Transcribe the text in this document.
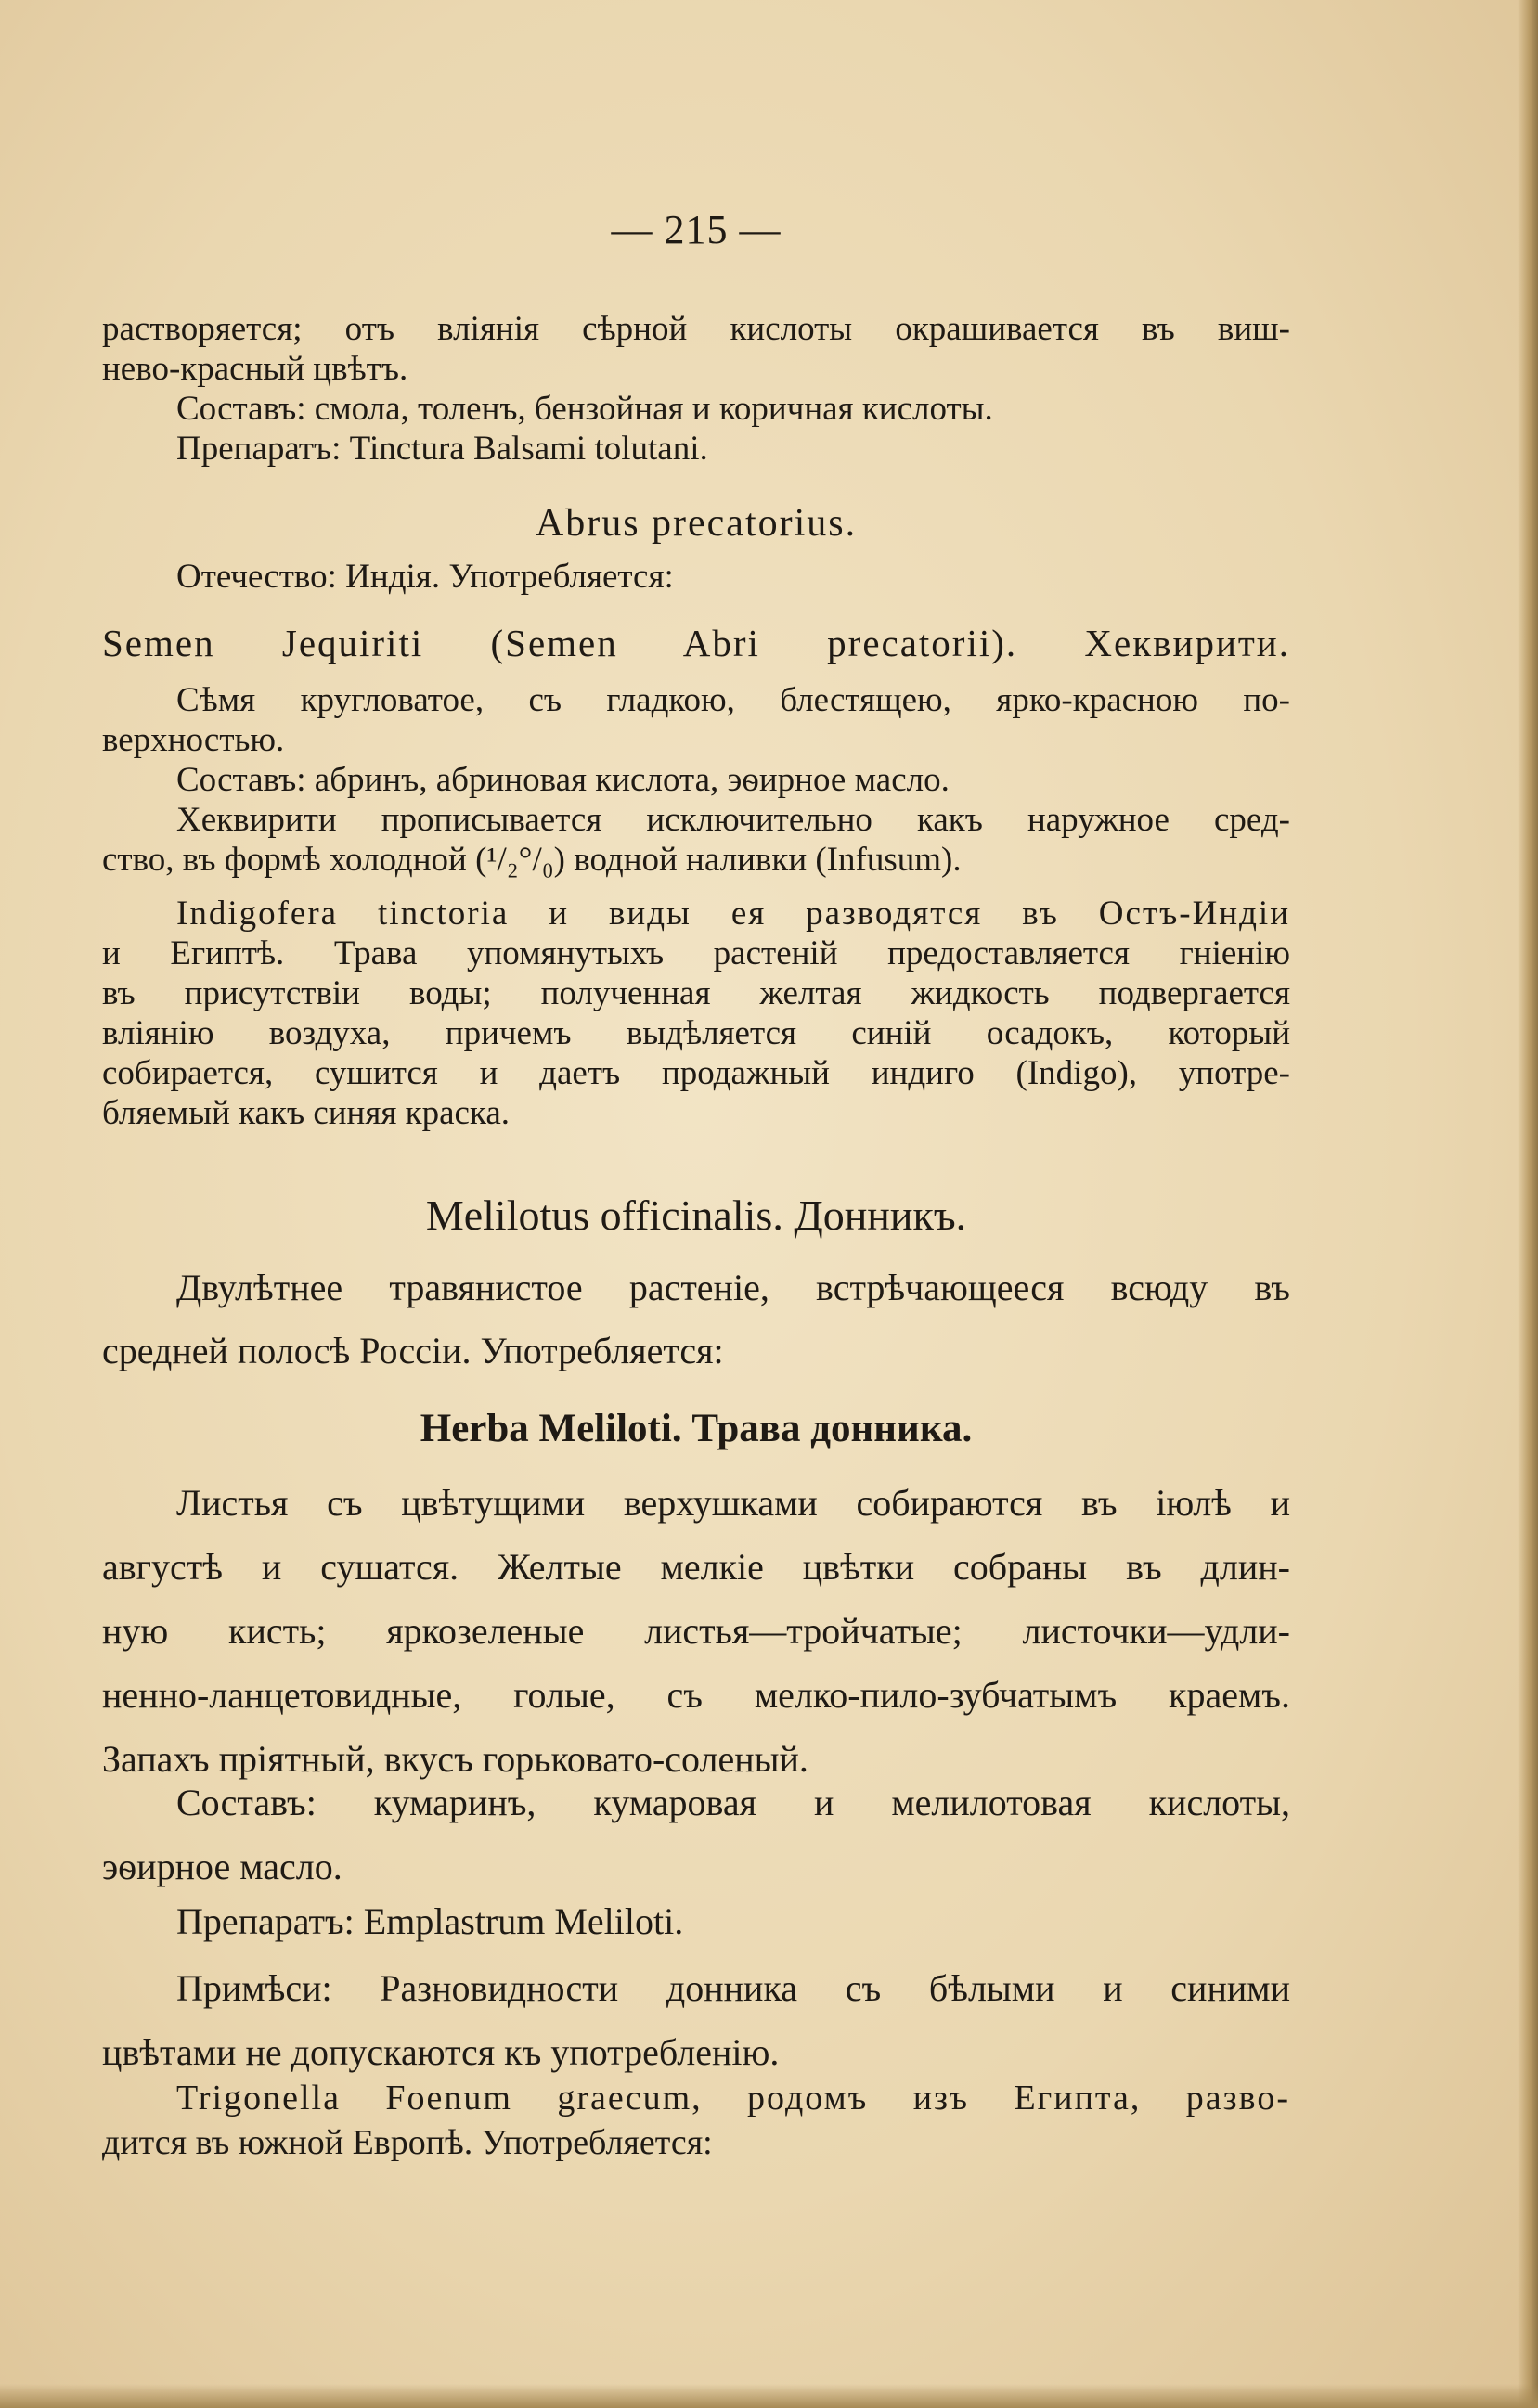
— 215 —

растворяется; отъ вліянія сѣрной кислоты окрашивается въ виш-

нево-красный цвѣтъ.

Составъ: смола, толенъ, бензойная и коричная кислоты.

Препаратъ: Tinctura Balsami tolutani.

Abrus precatorius.

Отечество: Индія. Употребляется:

Semen Jequiriti (Semen Abri precatorii). Хеквирити.

Сѣмя кругловатое, съ гладкою, блестящею, ярко-красною по-

верхностью.

Составъ: абринъ, абриновая кислота, эѳирное масло.

Хеквирити прописывается исключительно какъ наружное сред-

ство, въ формѣ холодной (¹/₂°/₀) водной наливки (Infusum).

Indigofera tinctoria и виды ея разводятся въ Остъ-Индіи

и Египтѣ. Трава упомянутыхъ растеній предоставляется гніенію

въ присутствіи воды; полученная желтая жидкость подвергается

вліянію воздуха, причемъ выдѣляется синій осадокъ, который

собирается, сушится и даетъ продажный индиго (Indigo), употре-

бляемый какъ синяя краска.

Melilotus officinalis. Донникъ.

Двулѣтнее травянистое растеніе, встрѣчающееся всюду въ

средней полосѣ Россіи. Употребляется:

Herba Meliloti. Трава донника.

Листья съ цвѣтущими верхушками собираются въ іюлѣ и

августѣ и сушатся. Желтые мелкіе цвѣтки собраны въ длин-

ную кисть; яркозеленые листья—тройчатые; листочки—удли-

ненно-ланцетовидные, голые, съ мелко-пило-зубчатымъ краемъ.

Запахъ пріятный, вкусъ горьковато-соленый.

Составъ: кумаринъ, кумаровая и мелилотовая кислоты,

эѳирное масло.

Препаратъ: Emplastrum Meliloti.

Примѣси: Разновидности донника съ бѣлыми и синими

цвѣтами не допускаются къ употребленію.

Trigonella Foenum graecum, родомъ изъ Египта, разво-

дится въ южной Европѣ. Употребляется:
